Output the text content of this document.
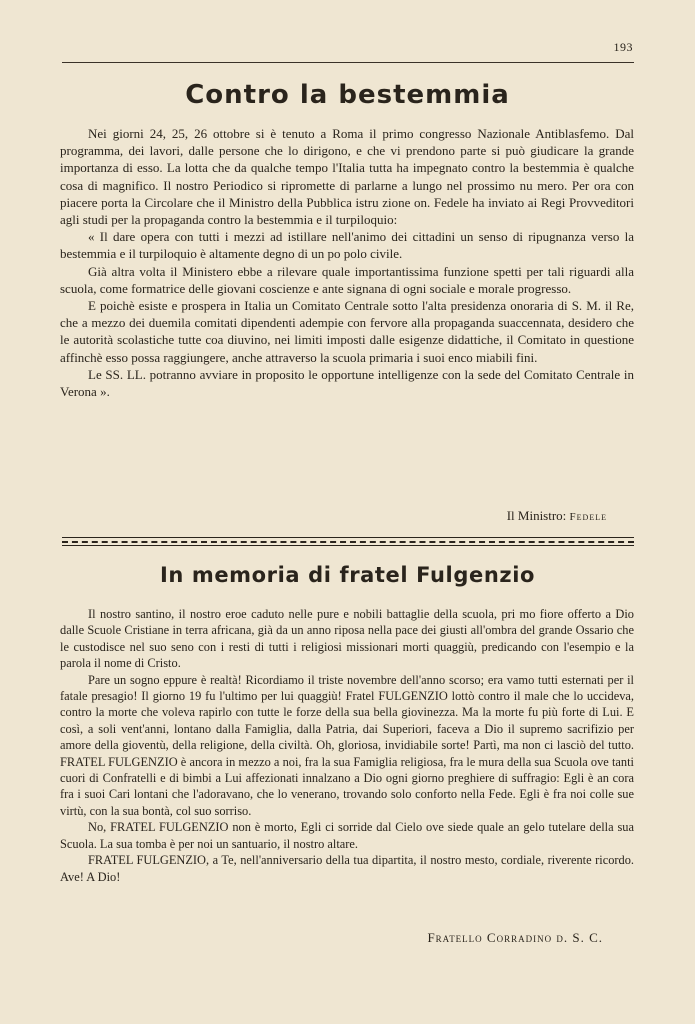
193
Contro la bestemmia

Nei giorni 24, 25, 26 ottobre si è tenuto a Roma il primo congresso Nazionale Antiblasfemo. Dal programma, dei lavori, dalle persone che lo dirigono, e che vi prendono parte si può giudicare la grande importanza di esso. La lotta che da qualche tempo l'Italia tutta ha impegnato contro la bestemmia è qualche cosa di magnifico. Il nostro Periodico si ripromette di parlarne a lungo nel prossimo nu mero. Per ora con piacere porta la Circolare che il Ministro della Pubblica istru zione on. Fedele ha inviato ai Regi Provveditori agli studi per la propaganda contro la bestemmia e il turpiloquio:

« Il dare opera con tutti i mezzi ad istillare nell'animo dei cittadini un senso di ripugnanza verso la bestemmia e il turpiloquio è altamente degno di un po polo civile.

Già altra volta il Ministero ebbe a rilevare quale importantissima funzione spetti per tali riguardi alla scuola, come formatrice delle giovani coscienze e ante signana di ogni sociale e morale progresso.

E poichè esiste e prospera in Italia un Comitato Centrale sotto l'alta presidenza onoraria di S. M. il Re, che a mezzo dei duemila comitati dipendenti adempie con fervore alla propaganda suaccennata, desidero che le autorità scolastiche tutte coa diuvino, nei limiti imposti dalle esigenze didattiche, il Comitato in questione affinchè esso possa raggiungere, anche attraverso la scuola primaria i suoi enco miabili fini.

Le SS. LL. potranno avviare in proposito le opportune intelligenze con la sede del Comitato Centrale in Verona ».

Il Ministro: Fedele
In memoria di fratel Fulgenzio

Il nostro santino, il nostro eroe caduto nelle pure e nobili battaglie della scuola, pri mo fiore offerto a Dio dalle Scuole Cristiane in terra africana, già da un anno riposa nella pace dei giusti all'ombra del grande Ossario che le custodisce nel suo seno con i resti di tutti i religiosi missionari morti quaggiù, predicando con l'esempio e la parola il nome di Cristo.

Pare un sogno eppure è realtà! Ricordiamo il triste novembre dell'anno scorso; era vamo tutti esternati per il fatale presagio! Il giorno 19 fu l'ultimo per lui quaggiù! Fratel FULGENZIO lottò contro il male che lo uccideva, contro la morte che voleva rapirlo con tutte le forze della sua bella giovinezza. Ma la morte fu più forte di Lui. E così, a soli vent'anni, lontano dalla Famiglia, dalla Patria, dai Superiori, faceva a Dio il supremo sacrifizio per amore della gioventù, della religione, della civiltà. Oh, gloriosa, invidiabile sorte! Partì, ma non ci lasciò del tutto. FRATEL FULGENZIO è ancora in mezzo a noi, fra la sua Famiglia religiosa, fra le mura della sua Scuola ove tanti cuori di Confratelli e di bimbi a Lui affezionati innalzano a Dio ogni giorno preghiere di suffragio: Egli è an cora fra i suoi Cari lontani che l'adoravano, che lo venerano, trovando solo conforto nella Fede. Egli è fra noi colle sue virtù, con la sua bontà, col suo sorriso.

No, FRATEL FULGENZIO non è morto, Egli ci sorride dal Cielo ove siede quale an gelo tutelare della sua Scuola. La sua tomba è per noi un santuario, il nostro altare.

FRATEL FULGENZIO, a Te, nell'anniversario della tua dipartita, il nostro mesto, cordiale, riverente ricordo. Ave! A Dio!

Fratello Corradino d. S. C.
